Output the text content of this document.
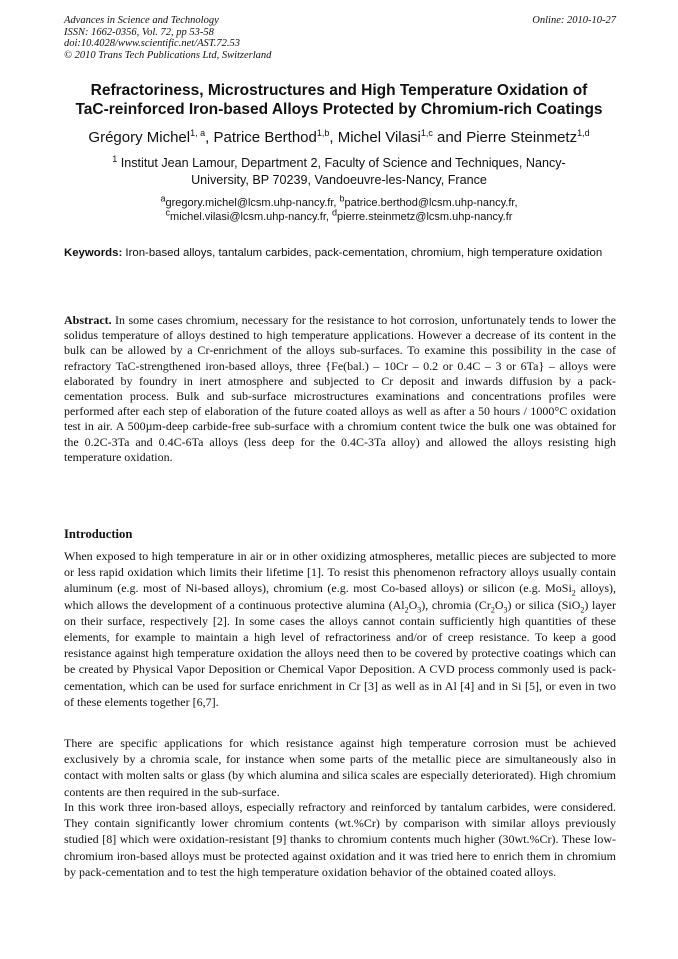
Advances in Science and Technology
ISSN: 1662-0356, Vol. 72, pp 53-58
doi:10.4028/www.scientific.net/AST.72.53
© 2010 Trans Tech Publications Ltd, Switzerland
Online: 2010-10-27
Refractoriness, Microstructures and High Temperature Oxidation of
TaC-reinforced Iron-based Alloys Protected by Chromium-rich Coatings
Grégory Michel$^{1, a}$, Patrice Berthod$^{1,b}$, Michel Vilasi$^{1,c}$ and Pierre Steinmetz$^{1,d}$
$^1$ Institut Jean Lamour, Department 2, Faculty of Science and Techniques, Nancy-
University, BP 70239, Vandoeuvre-les-Nancy, France
$^a$gregory.michel@lcsm.uhp-nancy.fr, $^b$patrice.berthod@lcsm.uhp-nancy.fr,
$^c$michel.vilasi@lcsm.uhp-nancy.fr, $^d$pierre.steinmetz@lcsm.uhp-nancy.fr
Keywords: Iron-based alloys, tantalum carbides, pack-cementation, chromium, high temperature oxidation
Abstract. In some cases chromium, necessary for the resistance to hot corrosion, unfortunately tends to lower the solidus temperature of alloys destined to high temperature applications. However a decrease of its content in the bulk can be allowed by a Cr-enrichment of the alloys sub-surfaces. To examine this possibility in the case of refractory TaC-strengthened iron-based alloys, three {Fe(bal.) – 10Cr – 0.2 or 0.4C – 3 or 6Ta} – alloys were elaborated by foundry in inert atmosphere and subjected to Cr deposit and inwards diffusion by a pack-cementation process. Bulk and sub-surface microstructures examinations and concentrations profiles were performed after each step of elaboration of the future coated alloys as well as after a 50 hours / 1000°C oxidation test in air. A 500µm-deep carbide-free sub-surface with a chromium content twice the bulk one was obtained for the 0.2C-3Ta and 0.4C-6Ta alloys (less deep for the 0.4C-3Ta alloy) and allowed the alloys resisting high temperature oxidation.
Introduction
When exposed to high temperature in air or in other oxidizing atmospheres, metallic pieces are subjected to more or less rapid oxidation which limits their lifetime [1]. To resist this phenomenon refractory alloys usually contain aluminum (e.g. most of Ni-based alloys), chromium (e.g. most Co-based alloys) or silicon (e.g. MoSi$_2$ alloys), which allows the development of a continuous protective alumina $(Al_2O_3)$, chromia $(Cr_2O_3)$ or silica (SiO$_2$) layer on their surface, respectively [2]. In some cases the alloys cannot contain sufficiently high quantities of these elements, for example to maintain a high level of refractoriness and/or of creep resistance. To keep a good resistance against high temperature oxidation the alloys need then to be covered by protective coatings which can be created by Physical Vapor Deposition or Chemical Vapor Deposition. A CVD process commonly used is pack-cementation, which can be used for surface enrichment in Cr [3] as well as in Al [4] and in Si [5], or even in two of these elements together [6,7].
There are specific applications for which resistance against high temperature corrosion must be achieved exclusively by a chromia scale, for instance when some parts of the metallic piece are simultaneously also in contact with molten salts or glass (by which alumina and silica scales are especially deteriorated). High chromium contents are then required in the sub-surface.
In this work three iron-based alloys, especially refractory and reinforced by tantalum carbides, were considered. They contain significantly lower chromium contents (wt.%Cr) by comparison with similar alloys previously studied [8] which were oxidation-resistant [9] thanks to chromium contents much higher (30wt.%Cr). These low-chromium iron-based alloys must be protected against oxidation and it was tried here to enrich them in chromium by pack-cementation and to test the high temperature oxidation behavior of the obtained coated alloys.
